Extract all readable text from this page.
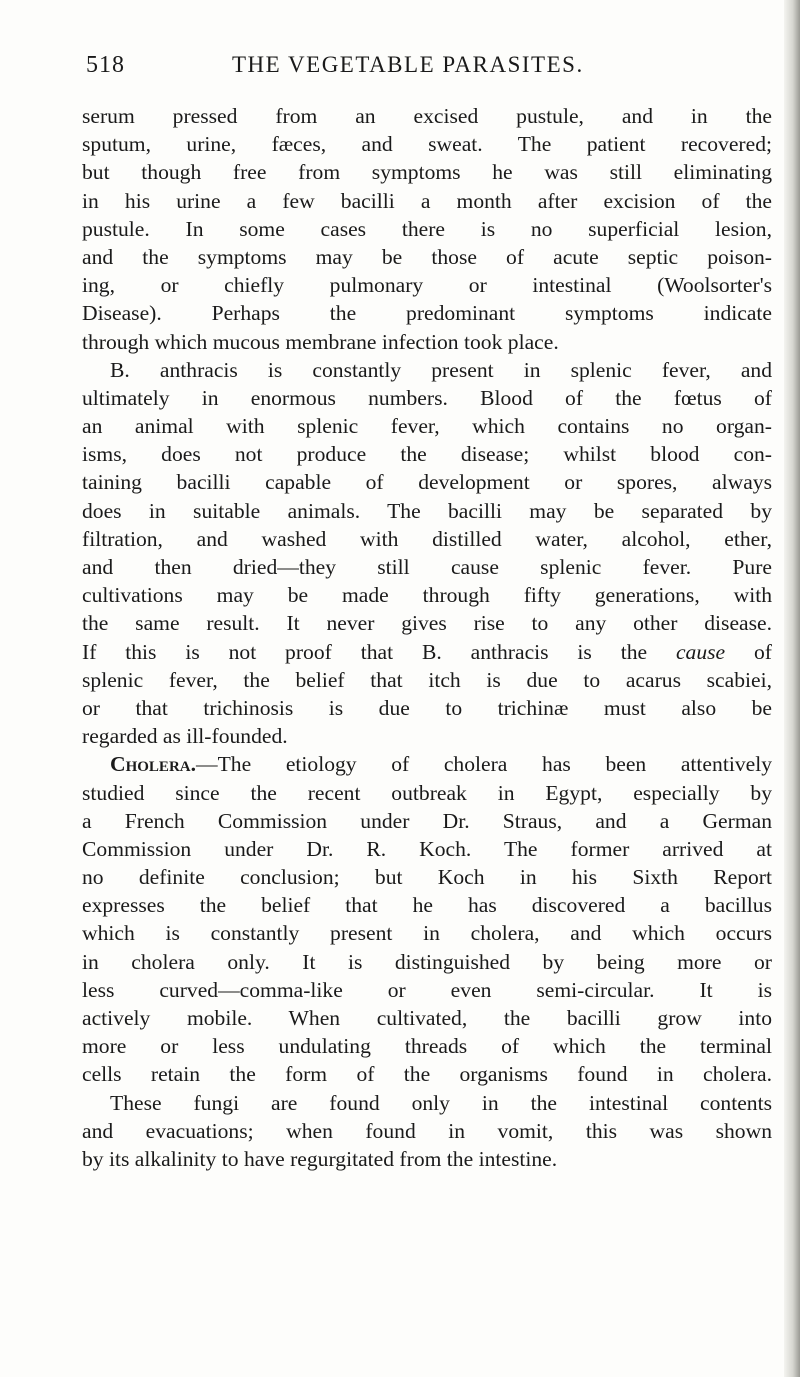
518	THE VEGETABLE PARASITES.
serum pressed from an excised pustule, and in the
sputum, urine, fæces, and sweat. The patient recovered;
but though free from symptoms he was still eliminating
in his urine a few bacilli a month after excision of the
pustule. In some cases there is no superficial lesion,
and the symptoms may be those of acute septic poison-
ing, or chiefly pulmonary or intestinal (Woolsorter's
Disease). Perhaps the predominant symptoms indicate
through which mucous membrane infection took place.
B. anthracis is constantly present in splenic fever, and
ultimately in enormous numbers. Blood of the fœtus of
an animal with splenic fever, which contains no organ-
isms, does not produce the disease; whilst blood con-
taining bacilli capable of development or spores, always
does in suitable animals. The bacilli may be separated by
filtration, and washed with distilled water, alcohol, ether,
and then dried—they still cause splenic fever. Pure
cultivations may be made through fifty generations, with
the same result. It never gives rise to any other disease.
If this is not proof that B. anthracis is the cause of
splenic fever, the belief that itch is due to acarus scabiei,
or that trichinosis is due to trichinæ must also be
regarded as ill-founded.
Cholera.—The etiology of cholera has been attentively
studied since the recent outbreak in Egypt, especially by
a French Commission under Dr. Straus, and a German
Commission under Dr. R. Koch. The former arrived at
no definite conclusion; but Koch in his Sixth Report
expresses the belief that he has discovered a bacillus
which is constantly present in cholera, and which occurs
in cholera only. It is distinguished by being more or
less curved—comma-like or even semi-circular. It is
actively mobile. When cultivated, the bacilli grow into
more or less undulating threads of which the terminal
cells retain the form of the organisms found in cholera.
These fungi are found only in the intestinal contents
and evacuations; when found in vomit, this was shown
by its alkalinity to have regurgitated from the intestine.
